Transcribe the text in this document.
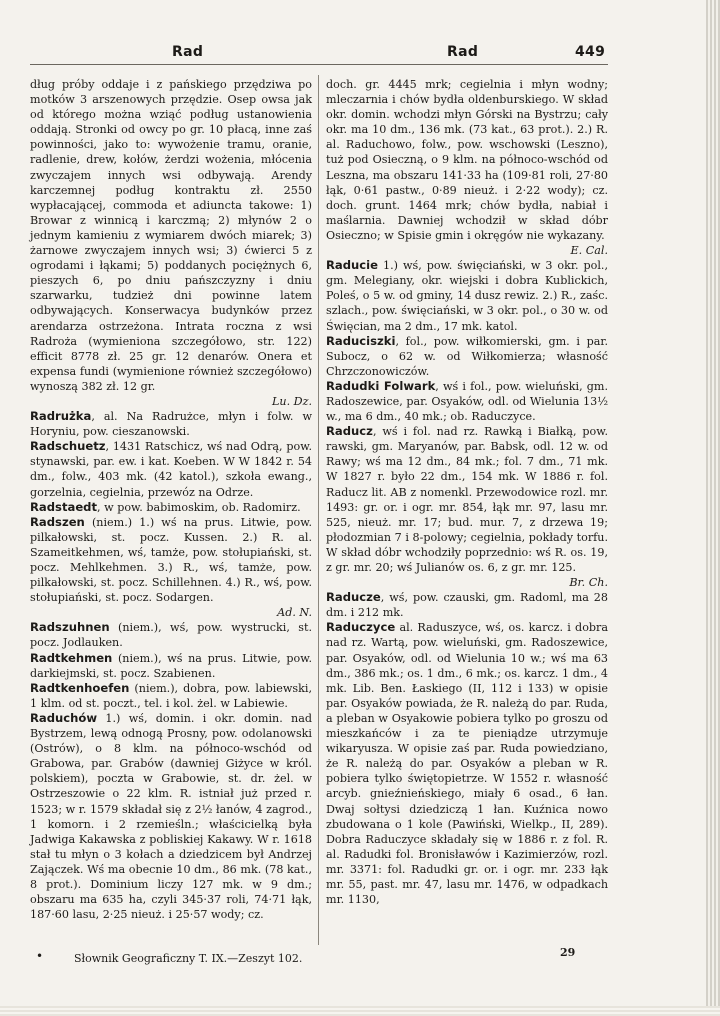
Rad	Rad	449

dług próby oddaje i z pańskiego przędziwa po motków 3 arszenowych przędzie. Osep owsa jak od którego można wziąć podług ustanowienia oddają. Stronki od owcy po gr. 10 płacą, inne zaś powinności, jako to: wywożenie tramu, oranie, radlenie, drew, kołów, żerdzi wożenia, młócenia zwyczajem innych wsi odbywają. Arendy karczemnej podług kontraktu zł. 2550 wypłacającej, commoda et adiuncta takowe: 1) Browar z winnicą i karczmą; 2) młynów 2 o jednym kamieniu z wymiarem dwóch miarek; 3) żarnowe zwyczajem innych wsi; 3) ćwierci 5 z ogrodami i łąkami; 5) poddanych pociężnych 6, pieszych 6, po dniu pańszczyzny i dniu szarwarku, tudzież dni powinne latem odbywających. Konserwacya budynków przez arendarza ostrzeżona. Intrata roczna z wsi Radroża (wymieniona szczegółowo, str. 122) efficit 8778 zł. 25 gr. 12 denarów. Onera et expensa fundi (wymienione również szczegółowo) wynoszą 382 zł. 12 gr.
Lu. Dz.

Radrużka, al. Na Radrużce, młyn i folw. w Horyniu, pow. cieszanowski.

Radschuetz, 1431 Ratschicz, wś nad Odrą, pow. stynawski, par. ew. i kat. Koeben. W W 1842 r. 54 dm., folw., 403 mk. (42 katol.), szkoła ewang., gorzelnia, cegielnia, przewóz na Odrze.

Radstaedt, w pow. babimoskim, ob. Radomirz.

Radszen (niem.) 1.) wś na prus. Litwie, pow. pilkałowski, st. pocz. Kussen. 2.) R. al. Szameitkehmen, wś, tamże, pow. stołupiański, st. pocz. Mehlkehmen. 3.) R., wś, tamże, pow. pilkałowski, st. pocz. Schillehnen. 4.) R., wś, pow. stołupiański, st. pocz. Sodargen.
Ad. N.

Radszuhnen (niem.), wś, pow. wystrucki, st. pocz. Jodlauken.

Radtkehmen (niem.), wś na prus. Litwie, pow. darkiejmski, st. pocz. Szabienen.

Radtkenhoefen (niem.), dobra, pow. labiewski, 1 klm. od st. poczt., tel. i kol. żel. w Labiewie.

Raduchów 1.) wś, domin. i okr. domin. nad Bystrzem, lewą odnogą Prosny, pow. odolanowski (Ostrów), o 8 klm. na północo-wschód od Grabowa, par. Grabów (dawniej Giżyce w król. polskiem), poczta w Grabowie, st. dr. żel. w Ostrzeszowie o 22 klm. R. istniał już przed r. 1523; w r. 1579 składał się z 2½ łanów, 4 zagrod., 1 komorn. i 2 rzemieśln.; właścicielką była Jadwiga Kakawska z pobliskiej Kakawy. W r. 1618 stał tu młyn o 3 kołach a dziedzicem był Andrzej Zajączek. Wś ma obecnie 10 dm., 86 mk. (78 kat., 8 prot.). Dominium liczy 127 mk. w 9 dm.; obszaru ma 635 ha, czyli 345·37 roli, 74·71 łąk, 187·60 lasu, 2·25 nieuż. i 25·57 wody; cz.

doch. gr. 4445 mrk; cegielnia i młyn wodny; mleczarnia i chów bydła oldenburskiego. W skład okr. domin. wchodzi młyn Górski na Bystrzu; cały okr. ma 10 dm., 136 mk. (73 kat., 63 prot.). 2.) R. al. Raduchowo, folw., pow. wschowski (Leszno), tuż pod Osieczną, o 9 klm. na północo-wschód od Leszna, ma obszaru 141·33 ha (109·81 roli, 27·80 łąk, 0·61 pastw., 0·89 nieuż. i 2·22 wody); cz. doch. grunt. 1464 mrk; chów bydła, nabiał i maślarnia. Dawniej wchodził w skład dóbr Osieczno; w Spisie gmin i okręgów nie wykazany.
E. Cal.

Raducie 1.) wś, pow. święciański, w 3 okr. pol., gm. Melegiany, okr. wiejski i dobra Kublickich, Poleś, o 5 w. od gminy, 14 dusz rewiz. 2.) R., zaśc. szlach., pow. święciański, w 3 okr. pol., o 30 w. od Święcian, ma 2 dm., 17 mk. katol.

Raduciszki, fol., pow. wiłkomierski, gm. i par. Subocz, o 62 w. od Wiłkomierza; własność Chrzczonowiczów.

Radudki Folwark, wś i fol., pow. wieluński, gm. Radoszewice, par. Osyaków, odl. od Wielunia 13½ w., ma 6 dm., 40 mk.; ob. Raduczyce.

Raducz, wś i fol. nad rz. Rawką i Białką, pow. rawski, gm. Maryanów, par. Babsk, odl. 12 w. od Rawy; wś ma 12 dm., 84 mk.; fol. 7 dm., 71 mk. W 1827 r. było 22 dm., 154 mk. W 1886 r. fol. Raducz lit. AB z nomenkl. Przewodowice rozl. mr. 1493: gr. or. i ogr. mr. 854, łąk mr. 97, lasu mr. 525, nieuż. mr. 17; bud. mur. 7, z drzewa 19; płodozmian 7 i 8-polowy; cegielnia, pokłady torfu. W skład dóbr wchodziły poprzednio: wś R. os. 19, z gr. mr. 20; wś Julianów os. 6, z gr. mr. 125.
Br. Ch.

Raducze, wś, pow. czauski, gm. Radoml, ma 28 dm. i 212 mk.

Raduczyce al. Raduszyce, wś, os. karcz. i dobra nad rz. Wartą, pow. wieluński, gm. Radoszewice, par. Osyaków, odl. od Wielunia 10 w.; wś ma 63 dm., 386 mk.; os. 1 dm., 6 mk.; os. karcz. 1 dm., 4 mk. Lib. Ben. Łaskiego (II, 112 i 133) w opisie par. Osyaków powiada, że R. należą do par. Ruda, a pleban w Osyakowie pobiera tylko po groszu od mieszkańców i za te pieniądze utrzymuje wikaryusza. W opisie zaś par. Ruda powiedziano, że R. należą do par. Osyaków a pleban w R. pobiera tylko świętopietrze. W 1552 r. własność arcyb. gnieźnieńskiego, miały 6 osad., 6 łan. Dwaj sołtysi dziedziczą 1 łan. Kuźnica nowo zbudowana o 1 kole (Pawiński, Wielkp., II, 289). Dobra Raduczyce składały się w 1886 r. z fol. R. al. Radudki fol. Bronisławów i Kazimierzów, rozl. mr. 3371: fol. Radudki gr. or. i ogr. mr. 233 łąk mr. 55, past. mr. 47, lasu mr. 1476, w odpadkach mr. 1130,

•	Słownik Geograficzny T. IX.—Zeszyt 102.	29
